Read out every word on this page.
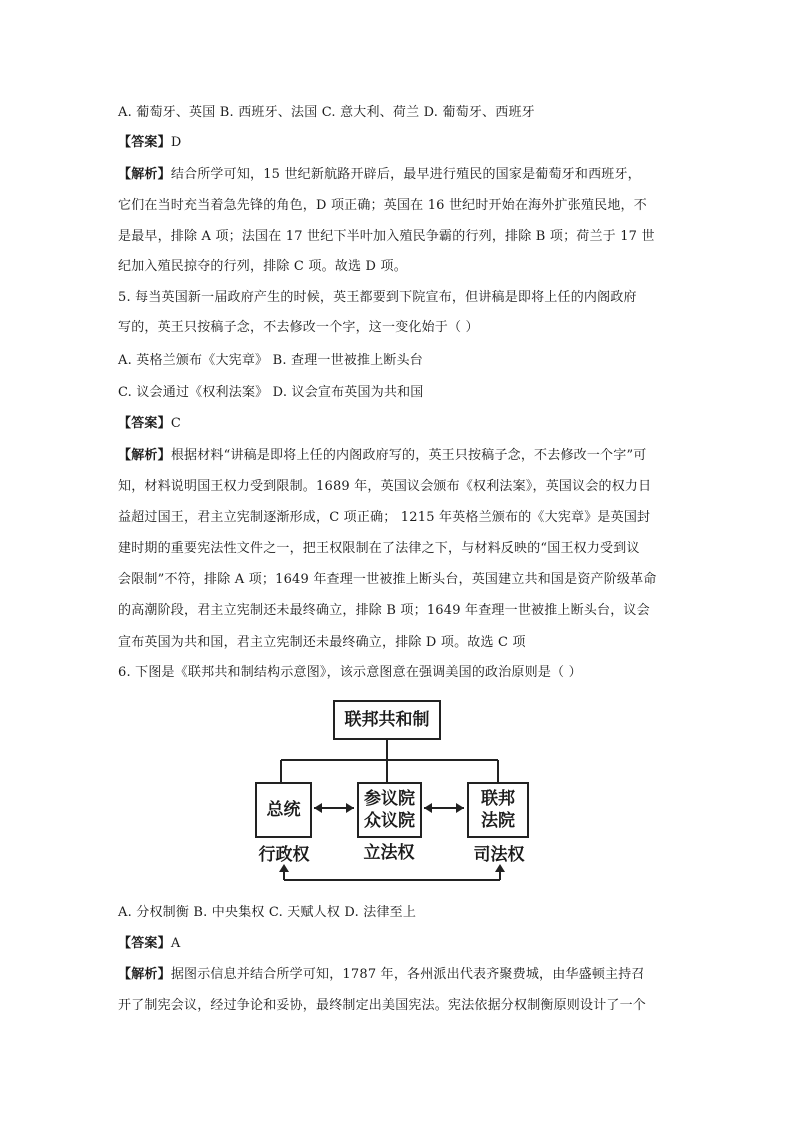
A. 葡萄牙、英国 B. 西班牙、法国 C. 意大利、荷兰 D. 葡萄牙、西班牙
【答案】D
【解析】结合所学可知，15 世纪新航路开辟后，最早进行殖民的国家是葡萄牙和西班牙，
它们在当时充当着急先锋的角色，D 项正确；英国在 16 世纪时开始在海外扩张殖民地，不
是最早，排除 A 项；法国在 17 世纪下半叶加入殖民争霸的行列，排除 B 项；荷兰于 17 世
纪加入殖民掠夺的行列，排除 C 项。故选 D 项。
5. 每当英国新一届政府产生的时候，英王都要到下院宣布，但讲稿是即将上任的内阁政府
写的，英王只按稿子念，不去修改一个字，这一变化始于（ ）
A. 英格兰颁布《大宪章》 B. 查理一世被推上断头台
C. 议会通过《权利法案》 D. 议会宣布英国为共和国
【答案】C
【解析】根据材料“讲稿是即将上任的内阁政府写的，英王只按稿子念，不去修改一个字”可
知，材料说明国王权力受到限制。1689 年，英国议会颁布《权利法案》，英国议会的权力日
益超过国王，君主立宪制逐渐形成，C 项正确； 1215 年英格兰颁布的《大宪章》是英国封
建时期的重要宪法性文件之一，把王权限制在了法律之下，与材料反映的“国王权力受到议
会限制”不符，排除 A 项；1649 年查理一世被推上断头台，英国建立共和国是资产阶级革命
的高潮阶段，君主立宪制还未最终确立，排除 B 项；1649 年查理一世被推上断头台，议会
宣布英国为共和国，君主立宪制还未最终确立，排除 D 项。故选 C 项
6. 下图是《联邦共和制结构示意图》，该示意图意在强调美国的政治原则是（ ）
联邦共和制
总统
参议院
众议院
联邦
法院
行政权	立法权	司法权
A. 分权制衡 B. 中央集权 C. 天赋人权 D. 法律至上
【答案】A
【解析】据图示信息并结合所学可知，1787 年，各州派出代表齐聚费城，由华盛顿主持召
开了制宪会议，经过争论和妥协，最终制定出美国宪法。宪法依据分权制衡原则设计了一个
